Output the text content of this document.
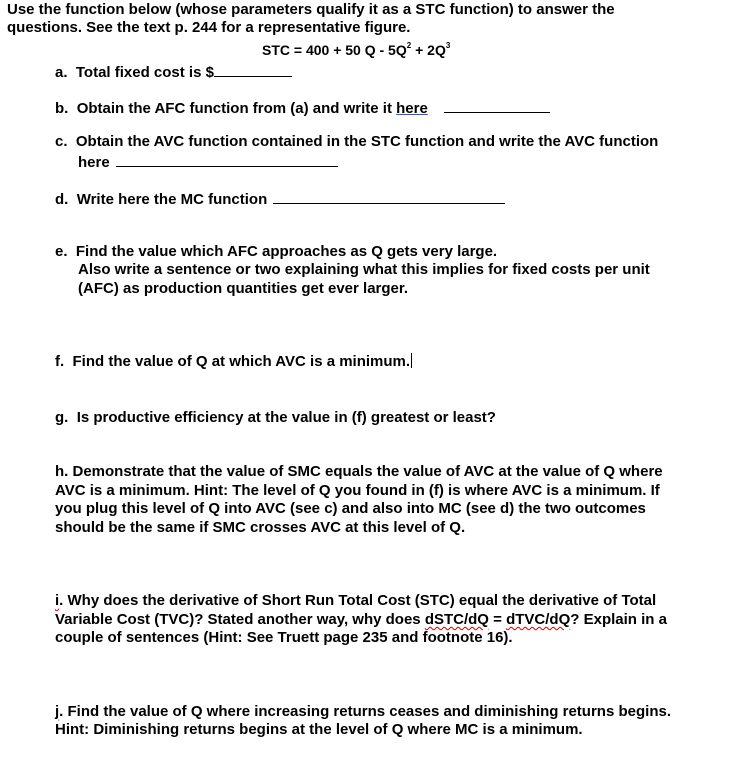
Use the function below (whose parameters qualify it as a STC function) to answer the
questions. See the text p. 244 for a representative figure.
STC = 400 + 50 $Q - 5Q^2 + 2Q^3$
a. Total fixed cost is $
b. Obtain the AFC function from (a) and write it here
c. Obtain the AVC function contained in the STC function and write the AVC function
here
d. Write here the MC function
e. Find the value which AFC approaches as Q gets very large.
Also write a sentence or two explaining what this implies for fixed costs per unit
(AFC) as production quantities get ever larger.
f. Find the value of Q at which AVC is a minimum.
g. Is productive efficiency at the value in (f) greatest or least?
h. Demonstrate that the value of SMC equals the value of AVC at the value of Q where
AVC is a minimum. Hint: The level of Q you found in (f) is where AVC is a minimum. If
you plug this level of Q into AVC (see c) and also into MC (see d) the two outcomes
should be the same if SMC crosses AVC at this level of Q.
i. Why does the derivative of Short Run Total Cost (STC) equal the derivative of Total
Variable Cost (TVC)? Stated another way, why does dSTC/dQ = dTVC/dQ? Explain in a
couple of sentences (Hint: See Truett page 235 and footnote 16).
j. Find the value of Q where increasing returns ceases and diminishing returns begins.
Hint: Diminishing returns begins at the level of Q where MC is a minimum.
